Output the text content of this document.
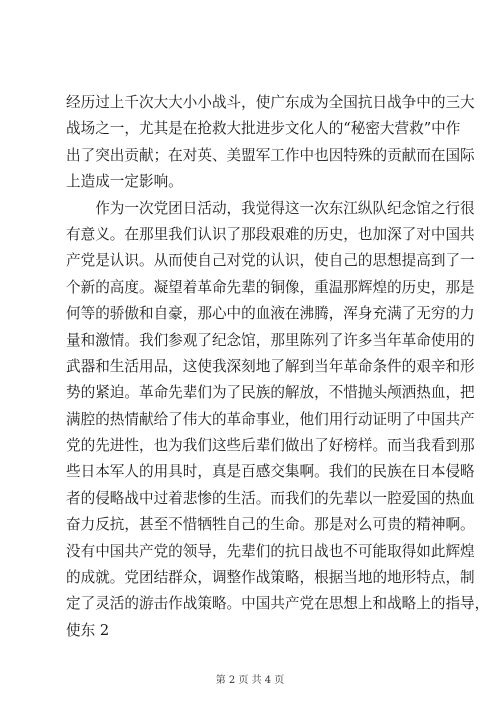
经历过上千次大大小小战斗，使广东成为全国抗日战争中的三大
战场之一，尤其是在抢救大批进步文化人的“秘密大营救”中作
出了突出贡献；在对英、美盟军工作中也因特殊的贡献而在国际
上造成一定影响。
　　作为一次党团日活动，我觉得这一次东江纵队纪念馆之行很
有意义。在那里我们认识了那段艰难的历史，也加深了对中国共
产党是认识。从而使自己对党的认识，使自己的思想提高到了一
个新的高度。凝望着革命先辈的铜像，重温那辉煌的历史，那是
何等的骄傲和自豪，那心中的血液在沸腾，浑身充满了无穷的力
量和激情。我们参观了纪念馆，那里陈列了许多当年革命使用的
武器和生活用品，这使我深刻地了解到当年革命条件的艰辛和形
势的紧迫。革命先辈们为了民族的解放，不惜抛头颅洒热血，把
满腔的热情献给了伟大的革命事业，他们用行动证明了中国共产
党的先进性，也为我们这些后辈们做出了好榜样。而当我看到那
些日本军人的用具时，真是百感交集啊。我们的民族在日本侵略
者的侵略战中过着悲惨的生活。而我们的先辈以一腔爱国的热血
奋力反抗，甚至不惜牺牲自己的生命。那是对么可贵的精神啊。
没有中国共产党的领导，先辈们的抗日战也不可能取得如此辉煌
的成就。党团结群众，调整作战策略，根据当地的地形特点，制
定了灵活的游击作战策略。中国共产党在思想上和战略上的指导，
使东 2
第 2 页 共 4 页
